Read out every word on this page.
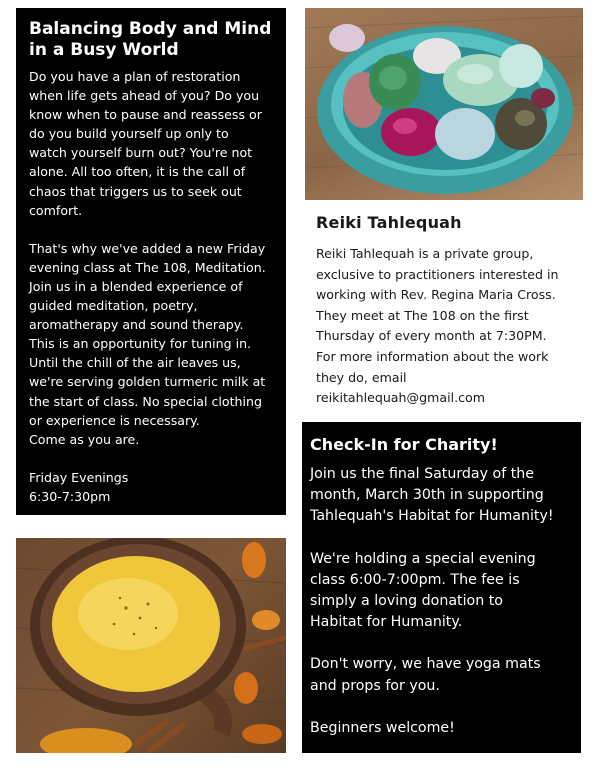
Balancing Body and Mind
in a Busy World

Do you have a plan of restoration
when life gets ahead of you? Do you
know when to pause and reassess or
do you build yourself up only to
watch yourself burn out? You're not
alone. All too often, it is the call of
chaos that triggers us to seek out
comfort.

That's why we've added a new Friday
evening class at The 108, Meditation.
Join us in a blended experience of
guided meditation, poetry,
aromatherapy and sound therapy.
This is an opportunity for tuning in.
Until the chill of the air leaves us,
we're serving golden turmeric milk at
the start of class. No special clothing
or experience is necessary.
Come as you are.

Friday Evenings
6:30-7:30pm

Reiki Tahlequah

Reiki Tahlequah is a private group,
exclusive to practitioners interested in
working with Rev. Regina Maria Cross.
They meet at The 108 on the first
Thursday of every month at 7:30PM.
For more information about the work
they do, email
reikitahlequah@gmail.com

Check-In for Charity!

Join us the final Saturday of the
month, March 30th in supporting
Tahlequah's Habitat for Humanity!

We're holding a special evening
class 6:00-7:00pm. The fee is
simply a loving donation to
Habitat for Humanity.

Don't worry, we have yoga mats
and props for you.

Beginners welcome!
